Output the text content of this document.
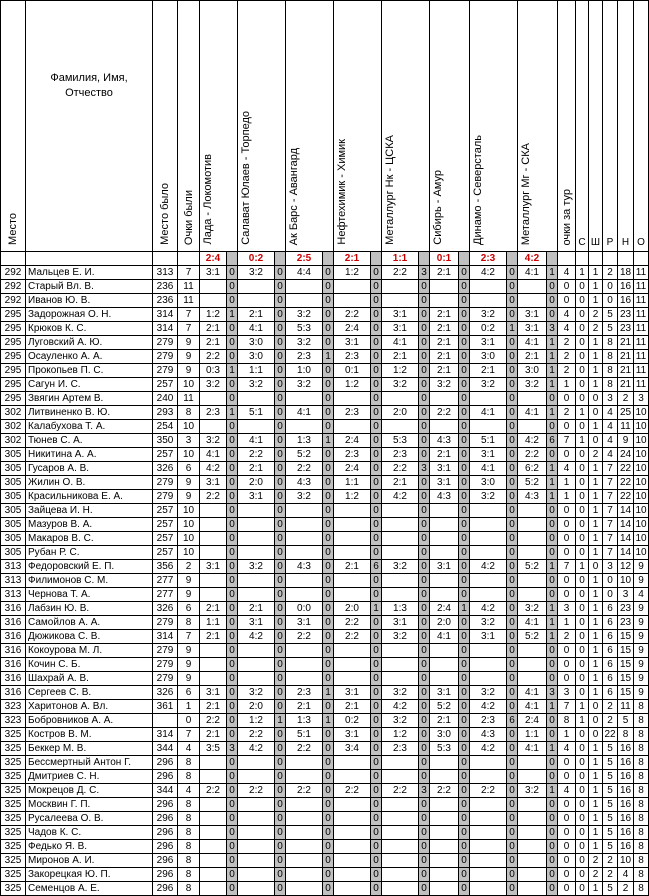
Место	Фамилия, Имя, Отчество	Место было	Очки были	Лада - Локомотив		Салават Юлаев - Торпедо		Ак Барс - Авангард		Нефтехимик - Химик		Металлург Нк - ЦСКА		Сибирь - Амур		Динамо - Северсталь		Металлург Мг - СКА		очки за тур	С	Ш	Р	Н	О	
				2:4		0:2		2:5		2:1		1:1		0:1		2:3		4:2								
292	Мальцев Е. И.	313	7	3:1	0	3:2	0	4:4	0	1:2	0	2:2	3	2:1	0	4:2	0	4:1	1	4	1	1	2	18	11	
292	Старый Вл. В.	236	11		0		0		0		0		0		0		0		0	0	0	1	0	16	11	
292	Иванов Ю. В.	236	11		0		0		0		0		0		0		0		0	0	0	1	0	16	11	
295	Задорожная О. Н.	314	7	1:2	1	2:1	0	3:2	0	2:2	0	3:1	0	2:1	0	3:2	0	3:1	0	4	0	2	5	23	11	
295	Крюков К. С.	314	7	2:1	0	4:1	0	5:3	0	2:4	0	3:1	0	2:1	0	0:2	1	3:1	3	4	0	2	5	23	11	
295	Луговский А. Ю.	279	9	2:1	0	3:0	0	3:2	0	3:1	0	4:1	0	2:1	0	3:1	0	4:1	1	2	0	1	8	21	11	
295	Осауленко А. А.	279	9	2:2	0	3:0	0	2:3	1	2:3	0	2:1	0	2:1	0	3:0	0	2:1	1	2	0	1	8	21	11	
295	Прокопьев П. С.	279	9	0:3	1	1:1	0	1:0	0	0:1	0	1:2	0	2:1	0	2:1	0	3:0	1	2	0	1	8	21	11	
295	Сагун И. С.	257	10	3:2	0	3:2	0	3:2	0	1:2	0	3:2	0	3:2	0	3:2	0	3:2	1	1	0	1	8	21	11	
295	Звягин Артем В.	240	11		0		0		0		0		0		0		0		0	0	0	0	3	2	3	
302	Литвиненко В. Ю.	293	8	2:3	1	5:1	0	4:1	0	2:3	0	2:0	0	2:2	0	4:1	0	4:1	1	2	1	0	4	25	10	
302	Калабухова Т. А.	254	10		0		0		0		0		0		0		0		0	0	0	1	4	11	10	
302	Тюнев С. А.	350	3	3:2	0	4:1	0	1:3	1	2:4	0	5:3	0	4:3	0	5:1	0	4:2	6	7	1	0	4	9	10	
305	Никитина А. А.	257	10	4:1	0	2:2	0	5:2	0	2:3	0	2:3	0	2:1	0	3:1	0	2:2	0	0	0	2	4	24	10	
305	Гусаров А. В.	326	6	4:2	0	2:1	0	2:2	0	2:4	0	2:2	3	3:1	0	4:1	0	6:2	1	4	0	1	7	22	10	
305	Жилин О. В.	279	9	3:1	0	2:0	0	4:3	0	1:1	0	2:1	0	3:1	0	3:0	0	5:2	1	1	0	1	7	22	10	
305	Красильникова Е. А.	279	9	2:2	0	3:1	0	3:2	0	1:2	0	4:2	0	4:3	0	3:2	0	4:3	1	1	0	1	7	22	10	
305	Зайцева И. Н.	257	10		0		0		0		0		0		0		0		0	0	0	1	7	14	10	
305	Мазуров В. А.	257	10		0		0		0		0		0		0		0		0	0	0	1	7	14	10	
305	Макаров В. С.	257	10		0		0		0		0		0		0		0		0	0	0	1	7	14	10	
305	Рубан Р. С.	257	10		0		0		0		0		0		0		0		0	0	0	1	7	14	10	
313	Федоровский Е. П.	356	2	3:1	0	3:2	0	4:3	0	2:1	6	3:2	0	3:1	0	4:2	0	5:2	1	7	1	0	3	12	9	
313	Филимонов С. М.	277	9		0		0		0		0		0		0		0		0	0	0	1	0	10	9	
313	Чернова Т. А.	277	9		0		0		0		0		0		0		0		0	0	0	1	0	3	4	
316	Лабзин Ю. В.	326	6	2:1	0	2:1	0	0:0	0	2:0	1	1:3	0	2:4	1	4:2	0	3:2	1	3	0	1	6	23	9	
316	Самойлов А. А.	279	8	1:1	0	3:1	0	3:1	0	2:2	0	3:1	0	2:0	0	3:2	0	4:1	1	1	0	1	6	23	9	
316	Дюжикова С. В.	314	7	2:1	0	4:2	0	2:2	0	2:2	0	3:2	0	4:1	0	3:1	0	5:2	1	2	0	1	6	15	9	
316	Кокоурова М. Л.	279	9		0		0		0		0		0		0		0		0	0	0	1	6	15	9	
316	Кочин С. Б.	279	9		0		0		0		0		0		0		0		0	0	0	1	6	15	9	
316	Шахрай А. В.	279	9		0		0		0		0		0		0		0		0	0	0	1	6	15	9	
316	Сергеев С. В.	326	6	3:1	0	3:2	0	2:3	1	3:1	0	3:2	0	3:1	0	3:2	0	4:1	3	3	0	1	6	15	9	
323	Харитонов А. Вл.	361	1	2:1	0	2:0	0	2:1	0	2:1	0	4:2	0	5:2	0	4:2	0	4:1	1	7	1	0	2	11	8	
323	Бобровников А. А.		0	2:2	0	1:2	1	1:3	1	0:2	0	3:2	0	2:1	0	2:3	6	2:4	0	8	1	0	2	5	8	
325	Костров В. М.	314	7	2:1	0	2:2	0	5:1	0	3:1	0	1:2	0	3:0	0	4:3	0	1:1	0	1	0	0	22	8	8	
325	Беккер М. В.	344	4	3:5	3	4:2	0	2:2	0	3:4	0	2:3	0	5:3	0	4:2	0	4:1	1	4	0	1	5	16	8	
325	Бессмертный Антон Г.	296	8		0		0		0		0		0		0		0		0	0	0	1	5	16	8	
325	Дмитриев С. Н.	296	8		0		0		0		0		0		0		0		0	0	0	1	5	16	8	
325	Мокрецов Д. С.	344	4	2:2	0	2:2	0	2:2	0	2:2	0	2:2	3	2:2	0	2:2	0	3:2	1	4	0	1	5	16	8	
325	Москвин Г. П.	296	8		0		0		0		0		0		0		0		0	0	0	1	5	16	8	
325	Русалеева О. В.	296	8		0		0		0		0		0		0		0		0	0	0	1	5	16	8	
325	Чадов К. С.	296	8		0		0		0		0		0		0		0		0	0	0	1	5	16	8	
325	Федько Я. В.	296	8		0		0		0		0		0		0		0		0	0	0	1	5	16	8	
325	Миронов А. И.	296	8		0		0		0		0		0		0		0		0	0	0	2	2	10	8	
325	Закорецкая Ю. П.	296	8		0		0		0		0		0		0		0		0	0	0	2	2	4	8	
325	Семенцов А. Е.	296	8		0		0		0		0		0		0		0		0	0	0	1	5	2	8	
